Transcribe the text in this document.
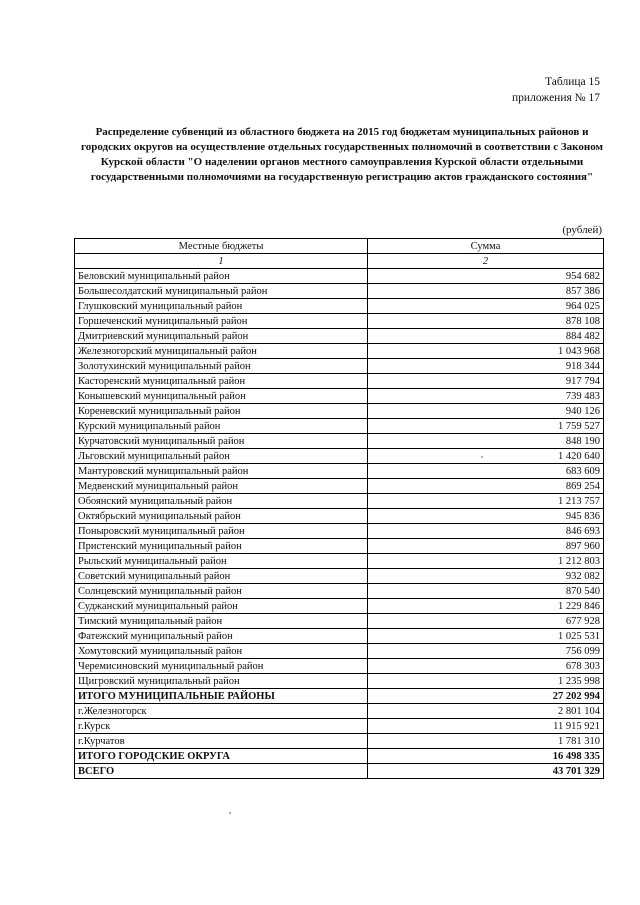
Таблица 15
приложения № 17
Распределение субвенций из областного бюджета на 2015 год бюджетам муниципальных районов и городских округов на осуществление отдельных государственных полномочий в соответствии с Законом Курской области "О наделении органов местного самоуправления Курской области отдельными государственными полномочиями на государственную регистрацию актов гражданского состояния"
(рублей)
Местные бюджеты	Сумма
1	2
Беловский муниципальный район	954 682
Большесолдатский муниципальный район	857 386
Глушковский муниципальный район	964 025
Горшеченский муниципальный район	878 108
Дмитриевский муниципальный район	884 482
Железногорский муниципальный район	1 043 968
Золотухинский муниципальный район	918 344
Касторенский муниципальный район	917 794
Конышевский муниципальный район	739 483
Кореневский муниципальный район	940 126
Курский муниципальный район	1 759 527
Курчатовский муниципальный район	848 190
Льговский муниципальный район	1 420 640
Мантуровский муниципальный район	683 609
Медвенский муниципальный район	869 254
Обоянский муниципальный район	1 213 757
Октябрьский муниципальный район	945 836
Поныровский муниципальный район	846 693
Пристенский муниципальный район	897 960
Рыльский муниципальный район	1 212 803
Советский муниципальный район	932 082
Солнцевский муниципальный район	870 540
Суджанский муниципальный район	1 229 846
Тимский муниципальный район	677 928
Фатежский муниципальный район	1 025 531
Хомутовский муниципальный район	756 099
Черемисиновский муниципальный район	678 303
Щигровский муниципальный район	1 235 998
ИТОГО МУНИЦИПАЛЬНЫЕ РАЙОНЫ	27 202 994
г.Железногорск	2 801 104
г.Курск	11 915 921
г.Курчатов	1 781 310
ИТОГО ГОРОДСКИЕ ОКРУГА	16 498 335
ВСЕГО	43 701 329
